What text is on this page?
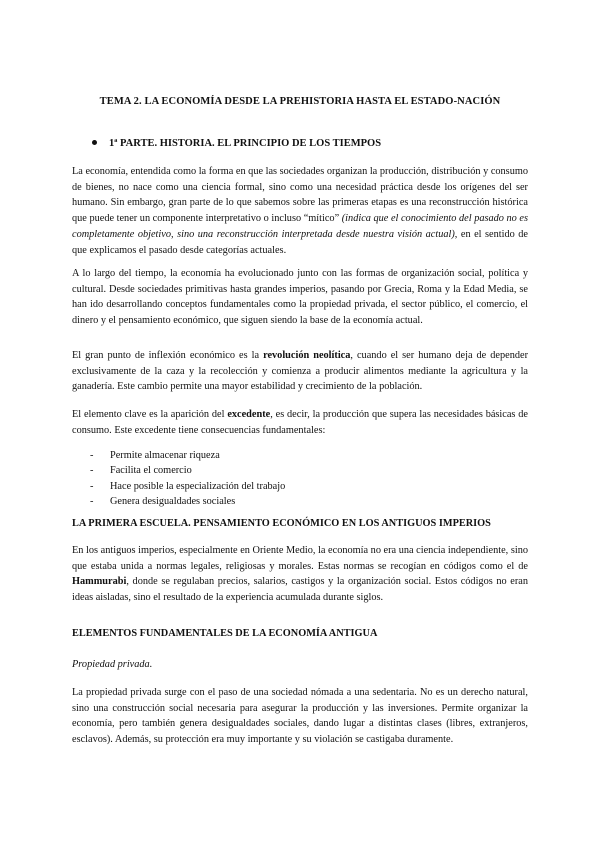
TEMA 2. LA ECONOMÍA DESDE LA PREHISTORIA HASTA EL ESTADO-NACIÓN
1ª PARTE. HISTORIA. EL PRINCIPIO DE LOS TIEMPOS
La economía, entendida como la forma en que las sociedades organizan la producción, distribución y consumo de bienes, no nace como una ciencia formal, sino como una necesidad práctica desde los orígenes del ser humano. Sin embargo, gran parte de lo que sabemos sobre las primeras etapas es una reconstrucción histórica que puede tener un componente interpretativo o incluso “mítico” (indica que el conocimiento del pasado no es completamente objetivo, sino una reconstrucción interpretada desde nuestra visión actual), en el sentido de que explicamos el pasado desde categorías actuales.
A lo largo del tiempo, la economía ha evolucionado junto con las formas de organización social, política y cultural. Desde sociedades primitivas hasta grandes imperios, pasando por Grecia, Roma y la Edad Media, se han ido desarrollando conceptos fundamentales como la propiedad privada, el sector público, el comercio, el dinero y el pensamiento económico, que siguen siendo la base de la economía actual.
El gran punto de inflexión económico es la revolución neolítica, cuando el ser humano deja de depender exclusivamente de la caza y la recolección y comienza a producir alimentos mediante la agricultura y la ganadería. Este cambio permite una mayor estabilidad y crecimiento de la población.
El elemento clave es la aparición del excedente, es decir, la producción que supera las necesidades básicas de consumo. Este excedente tiene consecuencias fundamentales:
-	Permite almacenar riqueza
-	Facilita el comercio
-	Hace posible la especialización del trabajo
-	Genera desigualdades sociales
LA PRIMERA ESCUELA. PENSAMIENTO ECONÓMICO EN LOS ANTIGUOS IMPERIOS
En los antiguos imperios, especialmente en Oriente Medio, la economía no era una ciencia independiente, sino que estaba unida a normas legales, religiosas y morales. Estas normas se recogían en códigos como el de Hammurabi, donde se regulaban precios, salarios, castigos y la organización social. Estos códigos no eran ideas aisladas, sino el resultado de la experiencia acumulada durante siglos.
ELEMENTOS FUNDAMENTALES DE LA ECONOMÍA ANTIGUA
Propiedad privada.
La propiedad privada surge con el paso de una sociedad nómada a una sedentaria. No es un derecho natural, sino una construcción social necesaria para asegurar la producción y las inversiones. Permite organizar la economía, pero también genera desigualdades sociales, dando lugar a distintas clases (libres, extranjeros, esclavos). Además, su protección era muy importante y su violación se castigaba duramente.
